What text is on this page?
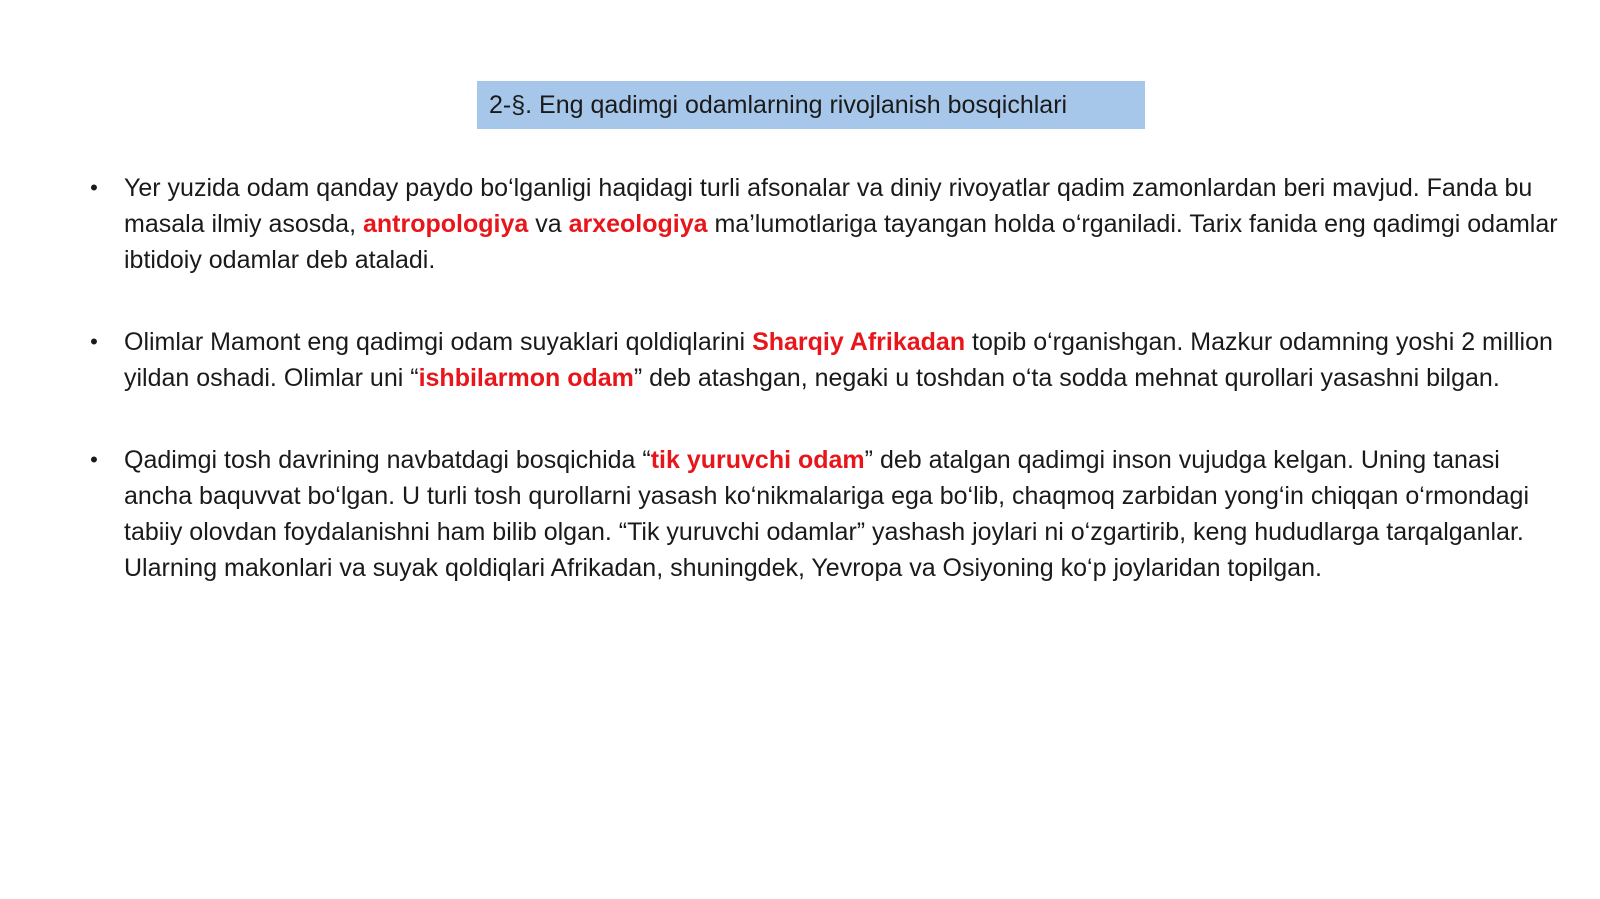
2-§. Eng qadimgi odamlarning rivojlanish bosqichlari
• Yer yuzida odam qanday paydo bo‘lganligi haqidagi turli afsonalar va diniy rivoyatlar qadim zamonlardan beri mavjud. Fanda bu masala ilmiy asosda, antropologiya va arxeologiya ma’lumotlariga tayangan holda o‘rganiladi. Tarix fanida eng qadimgi odamlar ibtidoiy odamlar deb ataladi.
• Olimlar Mamont eng qadimgi odam suyaklari qoldiqlarini Sharqiy Afrikadan topib o‘rganishgan. Mazkur odamning yoshi 2 million yildan oshadi. Olimlar uni “ishbilarmon odam” deb atashgan, negaki u toshdan o‘ta sodda mehnat qurollari yasashni bilgan.
• Qadimgi tosh davrining navbatdagi bosqichida “tik yuruvchi odam” deb atalgan qadimgi inson vujudga kelgan. Uning tanasi ancha baquvvat bo‘lgan. U turli tosh qurollarni yasash ko‘nikmalariga ega bo‘lib, chaqmoq zarbidan yong‘in chiqqan o‘rmondagi tabiiy olovdan foydalanishni ham bilib olgan. “Tik yuruvchi odamlar” yashash joylari ni o‘zgartirib, keng hududlarga tarqalganlar. Ularning makonlari va suyak qoldiqlari Afrikadan, shuningdek, Yevropa va Osiyoning ko‘p joylaridan topilgan.
